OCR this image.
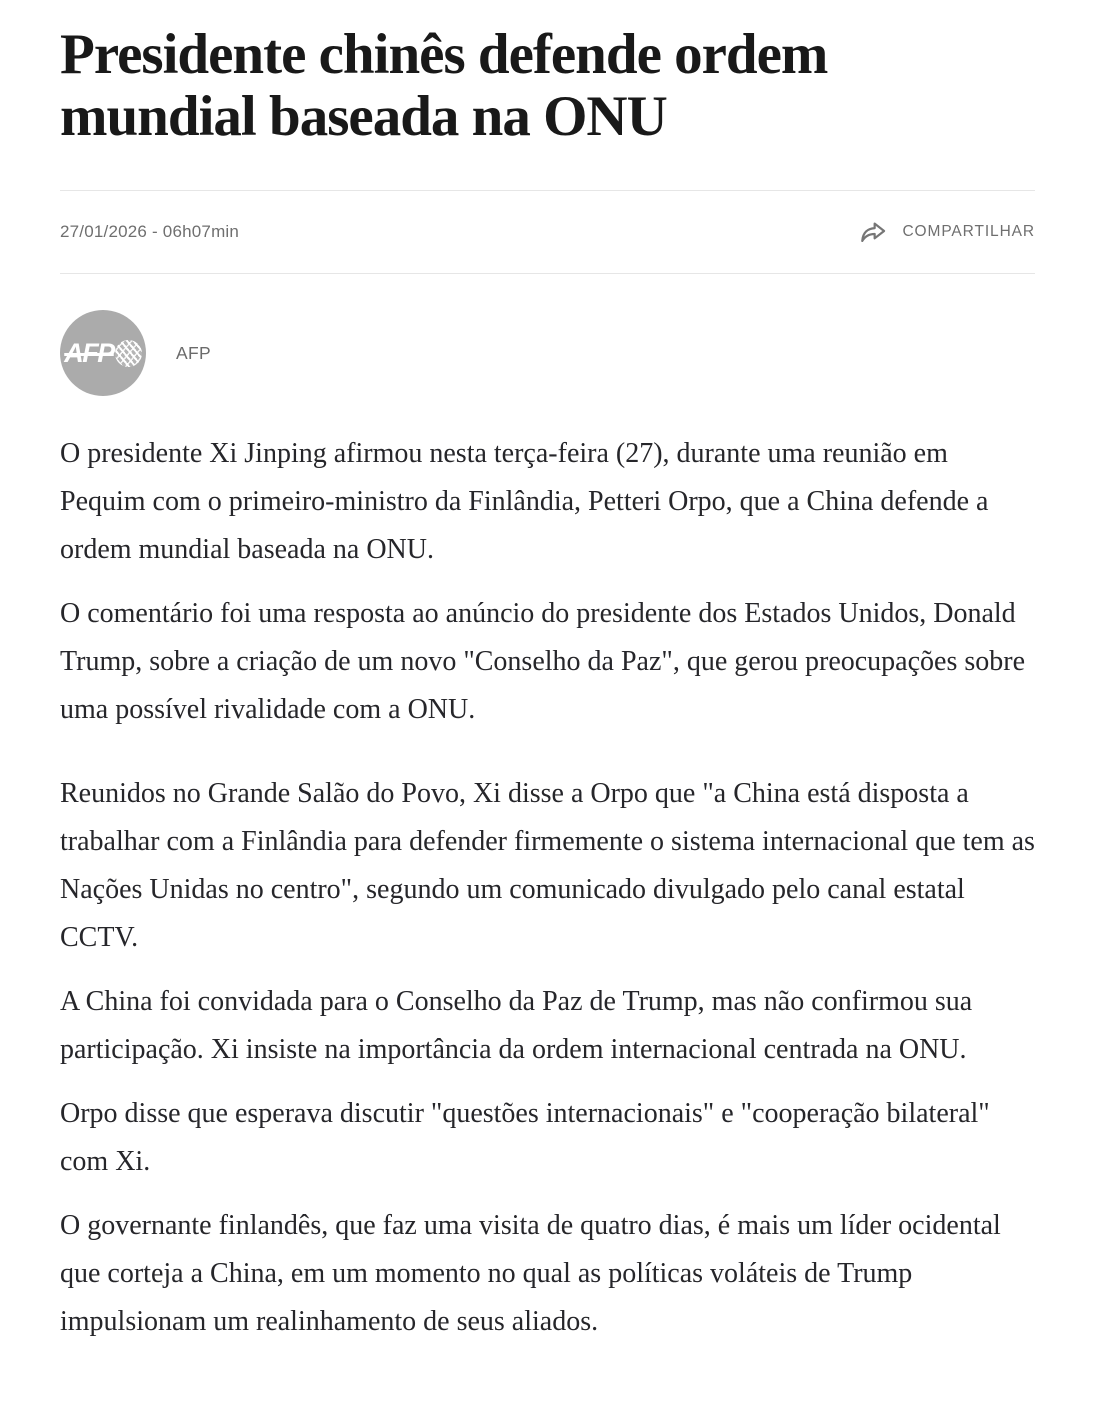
Presidente chinês defende ordem mundial baseada na ONU
27/01/2026 - 06h07min	COMPARTILHAR
AFP	AFP

O presidente Xi Jinping afirmou nesta terça-feira (27), durante uma reunião em Pequim com o primeiro-ministro da Finlândia, Petteri Orpo, que a China defende a ordem mundial baseada na ONU.

O comentário foi uma resposta ao anúncio do presidente dos Estados Unidos, Donald Trump, sobre a criação de um novo "Conselho da Paz", que gerou preocupações sobre uma possível rivalidade com a ONU.

Reunidos no Grande Salão do Povo, Xi disse a Orpo que "a China está disposta a trabalhar com a Finlândia para defender firmemente o sistema internacional que tem as Nações Unidas no centro", segundo um comunicado divulgado pelo canal estatal CCTV.

A China foi convidada para o Conselho da Paz de Trump, mas não confirmou sua participação. Xi insiste na importância da ordem internacional centrada na ONU.

Orpo disse que esperava discutir "questões internacionais" e "cooperação bilateral" com Xi.

O governante finlandês, que faz uma visita de quatro dias, é mais um líder ocidental que corteja a China, em um momento no qual as políticas voláteis de Trump impulsionam um realinhamento de seus aliados.
